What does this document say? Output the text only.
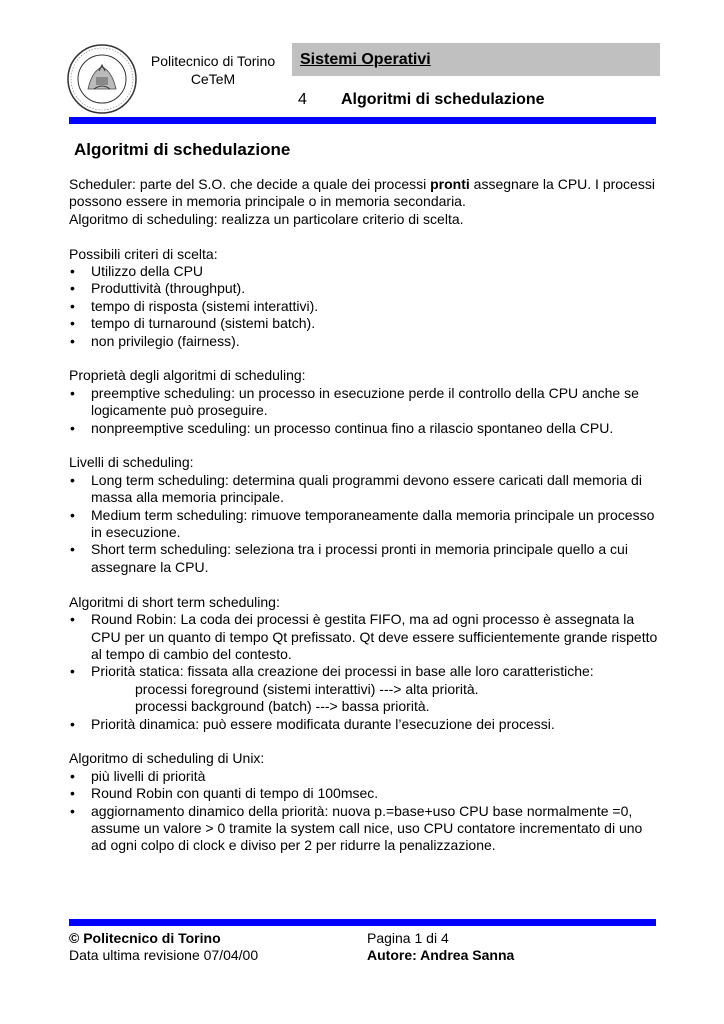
Politecnico di Torino
CeTeM
Sistemi Operativi
4 Algoritmi di schedulazione
Algoritmi di schedulazione

Scheduler: parte del S.O. che decide a quale dei processi pronti assegnare la CPU. I processi possono essere in memoria principale o in memoria secondaria.

Algoritmo di scheduling: realizza un particolare criterio di scelta.

Possibili criteri di scelta:

• Utilizzo della CPU
• Produttività (throughput).
• tempo di risposta (sistemi interattivi).
• tempo di turnaround (sistemi batch).
• non privilegio (fairness).

Proprietà degli algoritmi di scheduling:

• preemptive scheduling: un processo in esecuzione perde il controllo della CPU anche se logicamente può proseguire.
• nonpreemptive sceduling: un processo continua fino a rilascio spontaneo della CPU.

Livelli di scheduling:

• Long term scheduling: determina quali programmi devono essere caricati dall memoria di massa alla memoria principale.
• Medium term scheduling: rimuove temporaneamente dalla memoria principale un processo in esecuzione.
• Short term scheduling: seleziona tra i processi pronti in memoria principale quello a cui assegnare la CPU.

Algoritmi di short term scheduling:

• Round Robin: La coda dei processi è gestita FIFO, ma ad ogni processo è assegnata la CPU per un quanto di tempo Qt prefissato. Qt deve essere sufficientemente grande rispetto al tempo di cambio del contesto.
• Priorità statica: fissata alla creazione dei processi in base alle loro caratteristiche:
processi foreground (sistemi interattivi) ---> alta priorità.
processi background (batch) ---> bassa priorità.
• Priorità dinamica: può essere modificata durante l’esecuzione dei processi.

Algoritmo di scheduling di Unix:

• più livelli di priorità
• Round Robin con quanti di tempo di 100msec.
• aggiornamento dinamico della priorità: nuova p.=base+uso CPU base normalmente =0, assume un valore > 0 tramite la system call nice, uso CPU contatore incrementato di uno ad ogni colpo di clock e diviso per 2 per ridurre la penalizzazione.
© Politecnico di Torino
Data ultima revisione 07/04/00
Pagina 1 di 4
Autore: Andrea Sanna
